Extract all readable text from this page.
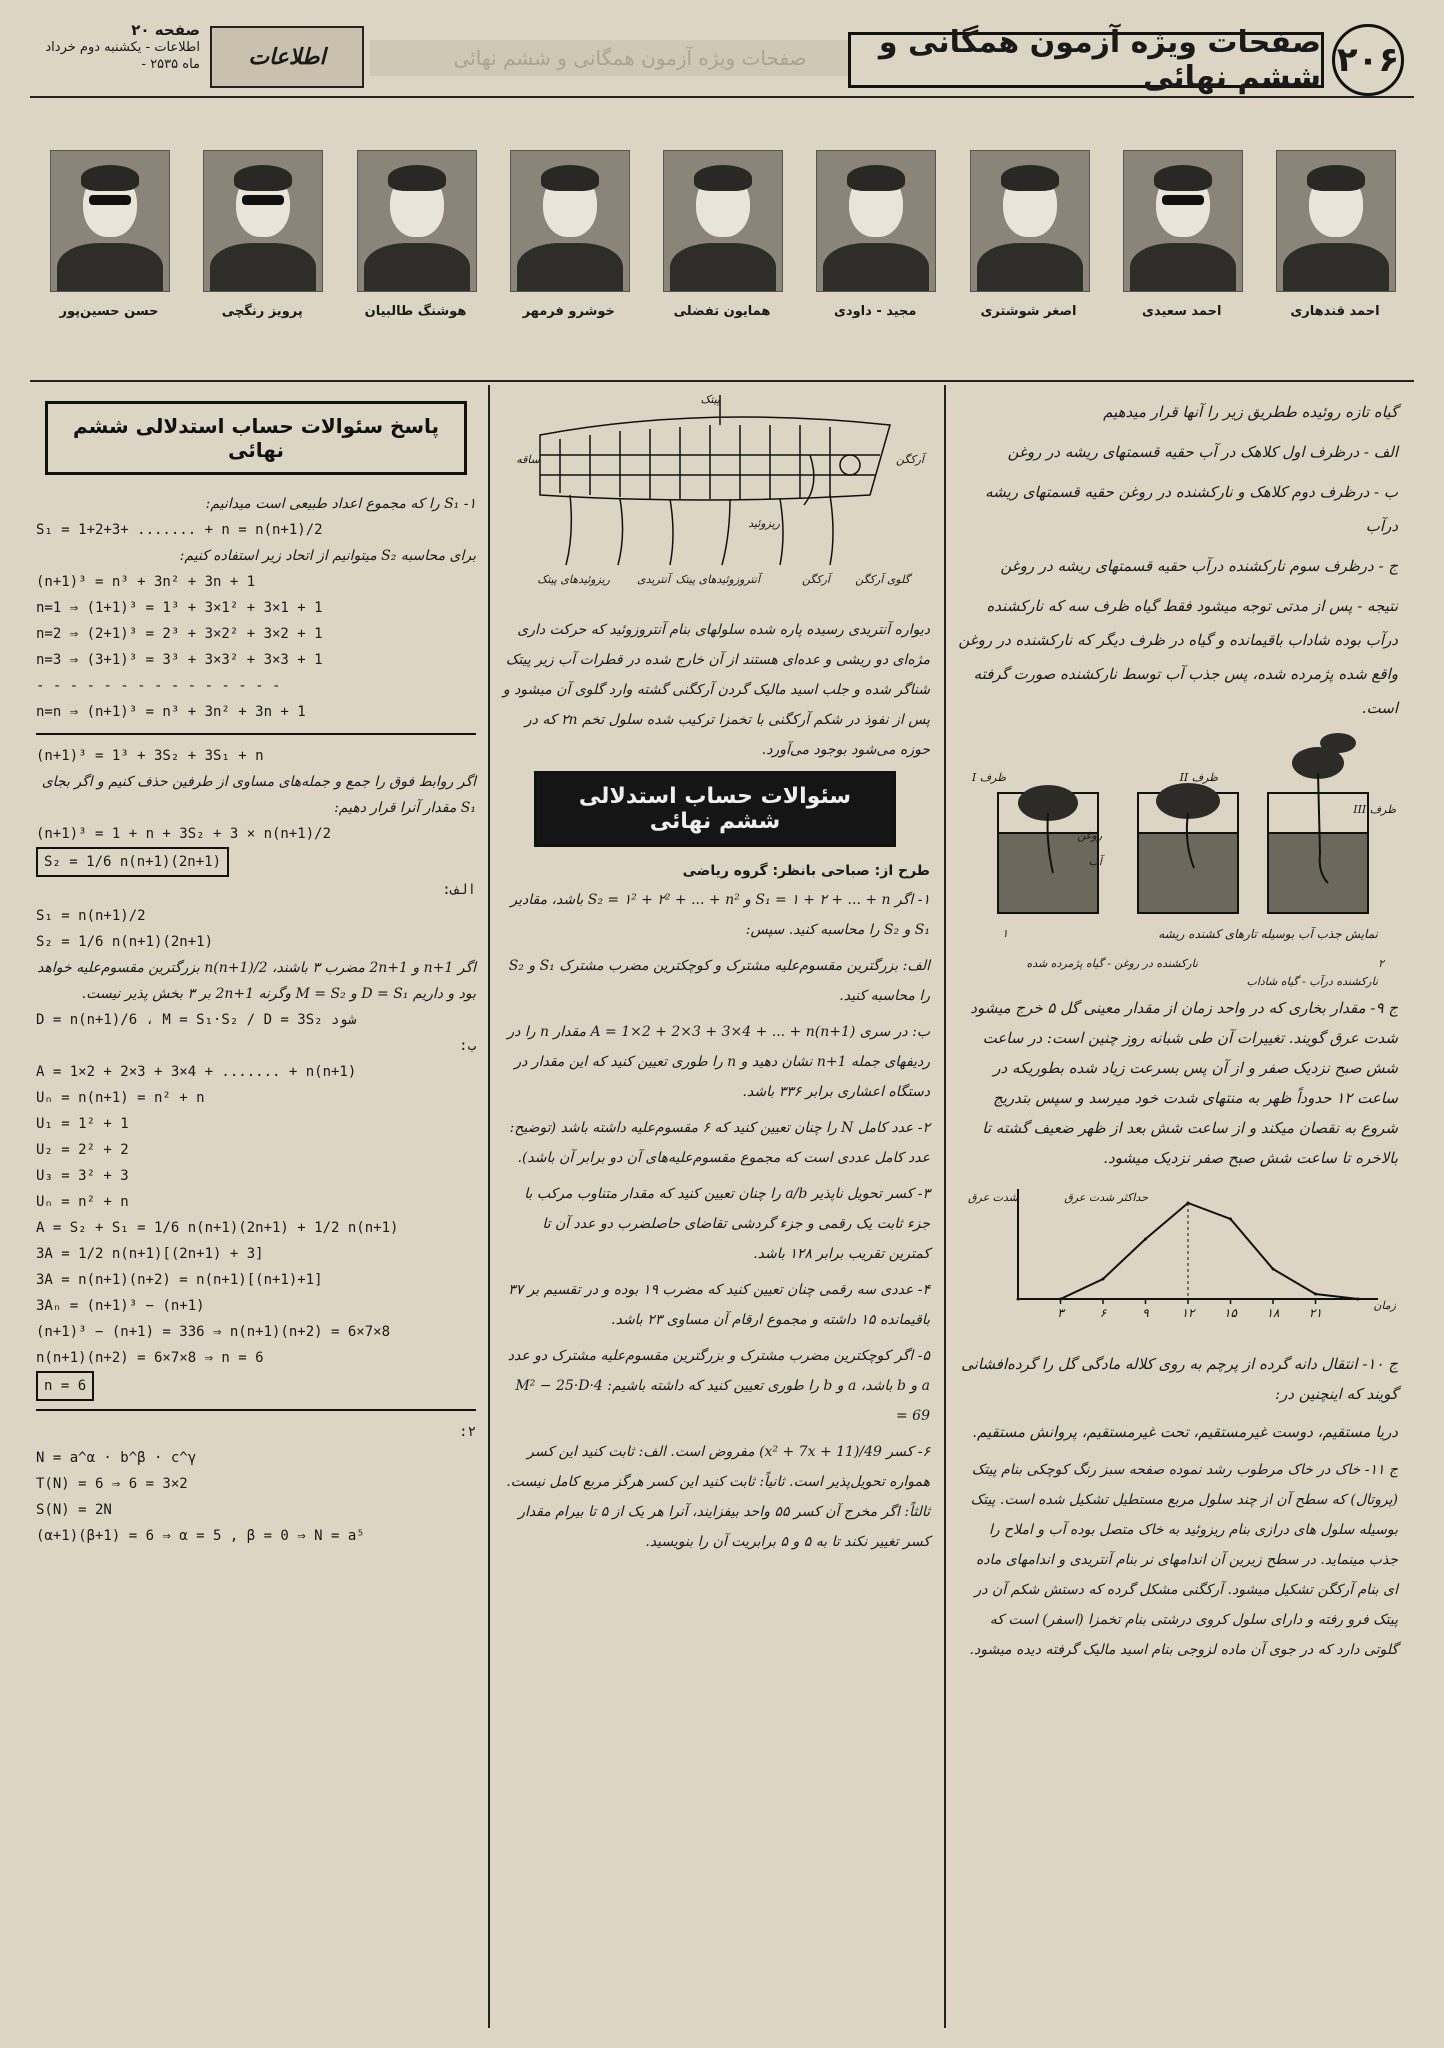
صفحه ۲۰
اطلاعات - یکشنبه دوم خرداد
ماه ۲۵۳۵ -	اطلاعات	صفحات ویژه آزمون همگانی و ششم نهائی	صفحات ویژه آزمون همگانی و ششم نهائی ۲۰۶
احمد قندهاری
احمد سعیدی
اصغر شوشتری
مجید - داودی
همایون تفضلی
خوشرو فرمهر
هوشنگ طالبیان
پرویز رنگچی
حسن حسین‌پور

گیاه تازه روئیده ططریق زیر را آنها قرار میدهیم

الف - درظرف اول کلاهک در آب حقیه قسمتهای ریشه در روغن

ب - درظرف دوم کلاهک و نارکشنده در روغن حقیه قسمتهای ریشه درآب

ج - درظرف سوم نارکشنده درآب حقیه قسمتهای ریشه در روغن

نتیجه - پس از مدتی توجه میشود فقط گیاه ظرف سه که نارکشنده درآب بوده شاداب باقیمانده و گیاه در ظرف دیگر که نارکشنده در روغن واقع شده پژمرده شده، پس جذب آب توسط نارکشنده صورت گرفته است.

ظرف I	ظرف II
ظرف III
روغن
آب
نمایش جذب آب بوسیله تارهای کشنده ریشه
۱
۲
نارکشنده درآب - گیاه شاداب
نارکشنده در روغن - گیاه پژمرده شده

ج ۹- مقدار بخاری که در واحد زمان از مقدار معینی گل ۵ خرج میشود شدت عرق گویند. تغییرات آن طی شبانه روز چنین است: در ساعت شش صبح نزدیک صفر و از آن پس بسرعت زیاد شده بطوریکه در ساعت ۱۲ حدوداً ظهر به منتهای شدت خود میرسد و سپس بتدریج شروع به نقصان میکند و از ساعت شش بعد از ظهر ضعیف گشته تا بالاخره تا ساعت شش صبح صفر نزدیک میشود.

۳	۶	۹	۱۲ ۱۵ ۱۸ ۲۱
حداکثر شدت عرق
شدت عرق
زمان

ج ۱۰- انتقال دانه گرده از پرچم به روی کلاله مادگی گل را گرده‌افشانی گویند که اینچنین در:

دریا مستقیم، دوست غیرمستقیم، تحت غیرمستقیم، پروانش مستقیم.

ج ۱۱- خاک در خاک مرطوب رشد نموده صفحه سبز رنگ کوچکی بنام پیتک (پروتال) که سطح آن از چند سلول مربع مستطیل تشکیل شده است. پیتک بوسیله سلول های درازی بنام ریزوئید به خاک متصل بوده آب و املاح را جذب مینماید. در سطح زیرین آن اندامهای نر بنام آنتریدی و اندامهای ماده ای بنام آرکگن تشکیل میشود. آرکگنی مشکل گرده که دستش شکم آن در پیتک فرو رفته و دارای سلول کروی درشتی بنام تخمزا (اسفر) است که گلوتی دارد که در جوی آن ماده لزوجی بنام اسید مالیک گرفته دیده میشود.

پیتک
آرکگن
ساقه
ریزوئید
ریزوئیدهای پیتک آنتریدی آنتروزوئیدهای پیتک	آرکگن گلوی آرکگن

دیواره آنتریدی رسیده پاره شده سلولهای بنام آنتروزوئید که حرکت داری مژه‌ای دو ریشی و عده‌ای هستند از آن خارج شده در قطرات آب زیر پیتک شناگر شده و جلب اسید مالیک گردن آرکگنی گشته وارد گلوی آن میشود و پس از نفوذ در شکم آرکگنی با تخمزا ترکیب شده سلول تخم ۲n که در حوزه می‌شود بوجود می‌آورد.

سئوالات حساب استدلالی ششم نهائی
طرح از: صباحی بانظر: گروه ریاضی

۱- اگر S₁ = ۱ + ۲ + ... + n و S₂ = ۱² + ۲² + ... + n² باشد، مقادیر S₁ و S₂ را محاسبه کنید. سپس:

الف: بزرگترین مقسوم‌علیه مشترک و کوچکترین مضرب مشترک S₁ و S₂ را محاسبه کنید.

ب: در سری A = 1×2 + 2×3 + 3×4 + ... + n(n+1) مقدار n را در ردیفهای جمله n+1 نشان دهید و n را طوری تعیین کنید که این مقدار در دستگاه اعشاری برابر ۳۳۶ باشد.

۲- عدد کامل N را چنان تعیین کنید که ۶ مقسوم‌علیه داشته باشد (توضیح: عدد کامل عددی است که مجموع مقسوم‌علیه‌های آن دو برابر آن باشد).

۳- کسر تحویل ناپذیر a/b را چنان تعیین کنید که مقدار متناوب مرکب با جزء ثابت یک رقمی و جزء گردشی تقاضای حاصلضرب دو عدد آن تا کمترین تقریب برابر ۱۲۸ باشد.

۴- عددی سه رقمی چنان تعیین کنید که مضرب ۱۹ بوده و در تقسیم بر ۳۷ باقیمانده ۱۵ داشته و مجموع ارقام آن مساوی ۲۳ باشد.

۵- اگر کوچکترین مضرب مشترک و بزرگترین مقسوم‌علیه مشترک دو عدد a و b باشد، a و b را طوری تعیین کنید که داشته باشیم: 4·M² − 25·D = 69

۶- کسر 49/(x² + 7x + 11) مفروض است. الف: ثابت کنید این کسر همواره تحویل‌پذیر است. ثانیاً: ثابت کنید این کسر هرگز مربع کامل نیست. ثالثاً: اگر مخرج آن کسر ۵۵ واحد بیفزایند، آنرا هر یک از ۵ تا بیرام مقدار کسر تغییر نکند تا به ۵ و ۵ برابریت آن را بنویسید.

پاسخ سئوالات حساب استدلالی ششم نهائی

۱- S₁ را که مجموع اعداد طبیعی است میدانیم:

S₁ = 1+2+3+ ....... + n = n(n+1)/2

برای محاسبه S₂ میتوانیم از اتحاد زیر استفاده کنیم:

(n+1)³ = n³ + 3n² + 3n + 1

n=1 ⇒ (1+1)³ = 1³ + 3×1² + 3×1 + 1

n=2 ⇒ (2+1)³ = 2³ + 3×2² + 3×2 + 1

n=3 ⇒ (3+1)³ = 3³ + 3×3² + 3×3 + 1

- - - - - - - - - - - - - - -

n=n ⇒ (n+1)³ = n³ + 3n² + 3n + 1

(n+1)³ = 1³ + 3S₂ + 3S₁ + n

اگر روابط فوق را جمع و جمله‌های مساوی از طرفین حذف کنیم و اگر بجای S₁ مقدار آنرا قرار دهیم:

(n+1)³ = 1 + n + 3S₂ + 3 × n(n+1)/2

S₂ = 1/6 n(n+1)(2n+1)

الف:

S₁ = n(n+1)/2

S₂ = 1/6 n(n+1)(2n+1)

اگر n+1 و 2n+1 مضرب ۳ باشند، n(n+1)/2 بزرگترین مقسوم‌علیه خواهد بود و داریم D = S₁ و M = S₂ وگرنه 2n+1 بر ۳ بخش پذیر نیست.

D = n(n+1)/6 ، M = S₁·S₂ / D = 3S₂ شود

ب:

A = 1×2 + 2×3 + 3×4 + ....... + n(n+1)

Uₙ = n(n+1) = n² + n

U₁ = 1² + 1

U₂ = 2² + 2

U₃ = 3² + 3

Uₙ = n² + n

A = S₂ + S₁ = 1/6 n(n+1)(2n+1) + 1/2 n(n+1)

3A = 1/2 n(n+1)[(2n+1) + 3]

3A = n(n+1)(n+2) = n(n+1)[(n+1)+1]

3Aₙ = (n+1)³ − (n+1)

(n+1)³ − (n+1) = 336 ⇒ n(n+1)(n+2) = 6×7×8

n(n+1)(n+2) = 6×7×8 ⇒ n = 6

n = 6

۲:

N = a^α · b^β · c^γ

T(N) = 6 ⇒ 6 = 3×2

S(N) = 2N

(α+1)(β+1) = 6 ⇒ α = 5 , β = 0 ⇒ N = a⁵
